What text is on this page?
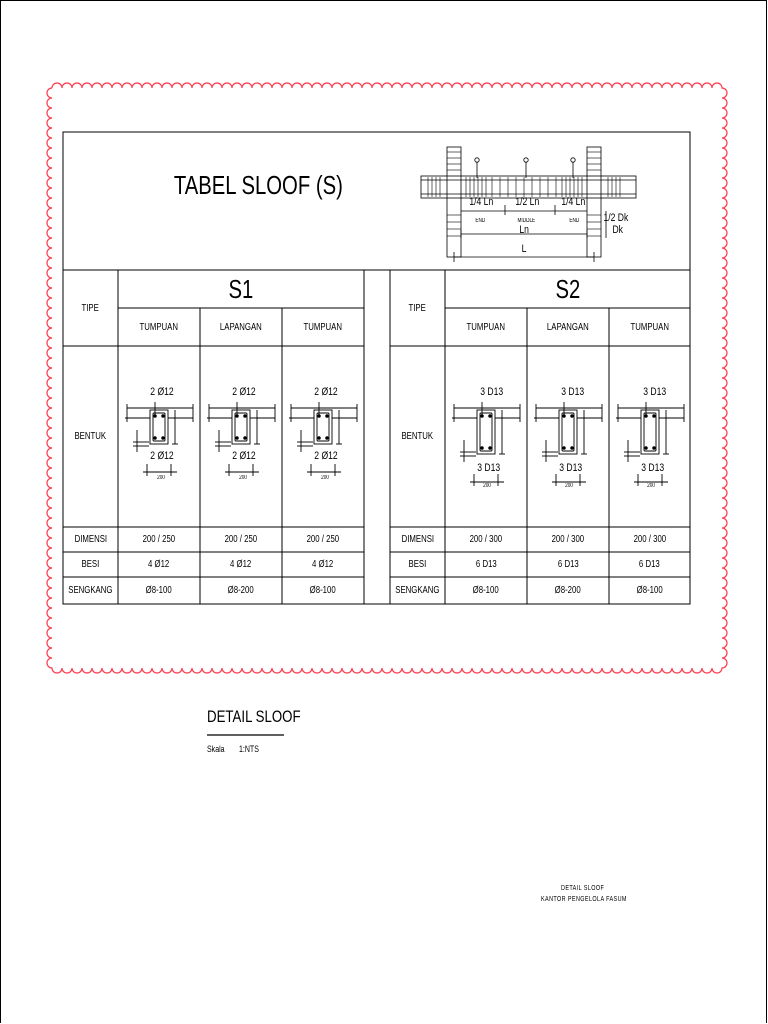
TABEL SLOOF (S)
1/4 Ln 1/2 Ln 1/4 Ln
END	MIDDLE	END
Ln
L
1/2 Dk
Dk
TIPE
S1
TUMPUAN	LAPANGAN	TUMPUAN
BENTUK
2 Ø12	2 Ø12	2 Ø12
2 Ø12	2 Ø12	2 Ø12
200	200	200
DIMENSI	200 / 250	200 / 250	200 / 250
BESI	4 Ø12	4 Ø12	4 Ø12
SENGKANG	Ø8-100	Ø8-200	Ø8-100
TIPE
S2
TUMPUAN	LAPANGAN	TUMPUAN
BENTUK
3 D13	3 D13	3 D13
3 D13	3 D13	3 D13
200	200	200
DIMENSI	200 / 300	200 / 300	200 / 300
BESI	6 D13	6 D13	6 D13
SENGKANG	Ø8-100	Ø8-200	Ø8-100
DETAIL SLOOF
Skala 1:NTS
DETAIL SLOOF
KANTOR PENGELOLA FASUM
